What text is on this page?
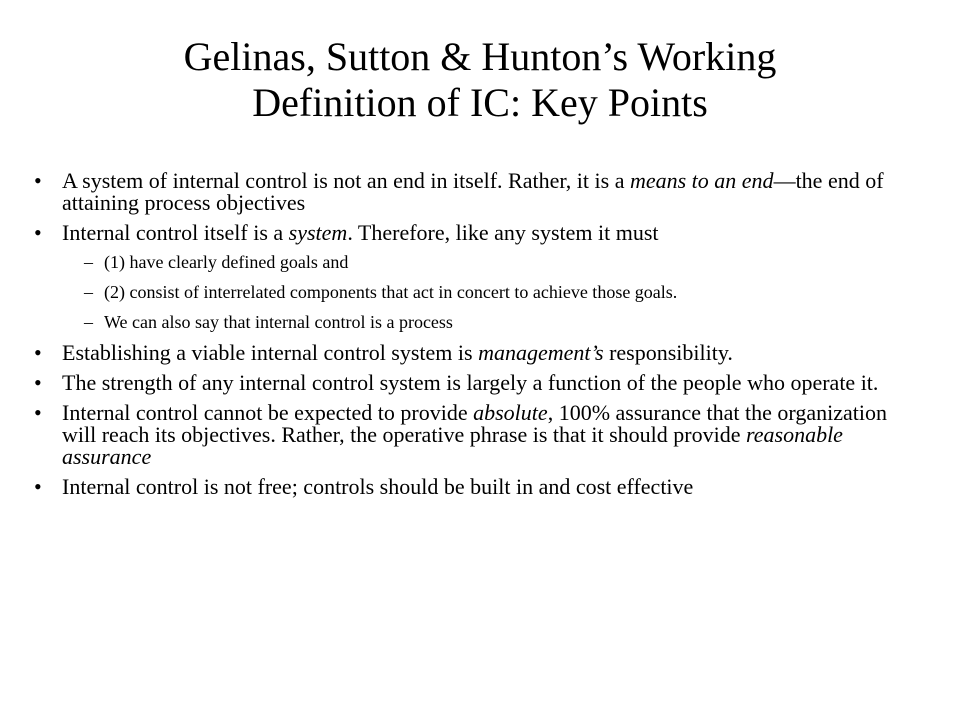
Gelinas, Sutton & Hunton’s Working
Definition of IC: Key Points
• A system of internal control is not an end in itself. Rather, it is a means to an end—the end of attaining process objectives
• Internal control itself is a system. Therefore, like any system it must
– (1) have clearly defined goals and
– (2) consist of interrelated components that act in concert to achieve those goals.
– We can also say that internal control is a process
• Establishing a viable internal control system is management’s responsibility.
• The strength of any internal control system is largely a function of the people who operate it.
• Internal control cannot be expected to provide absolute, 100% assurance that the organization will reach its objectives. Rather, the operative phrase is that it should provide reasonable assurance
• Internal control is not free; controls should be built in and cost effective
